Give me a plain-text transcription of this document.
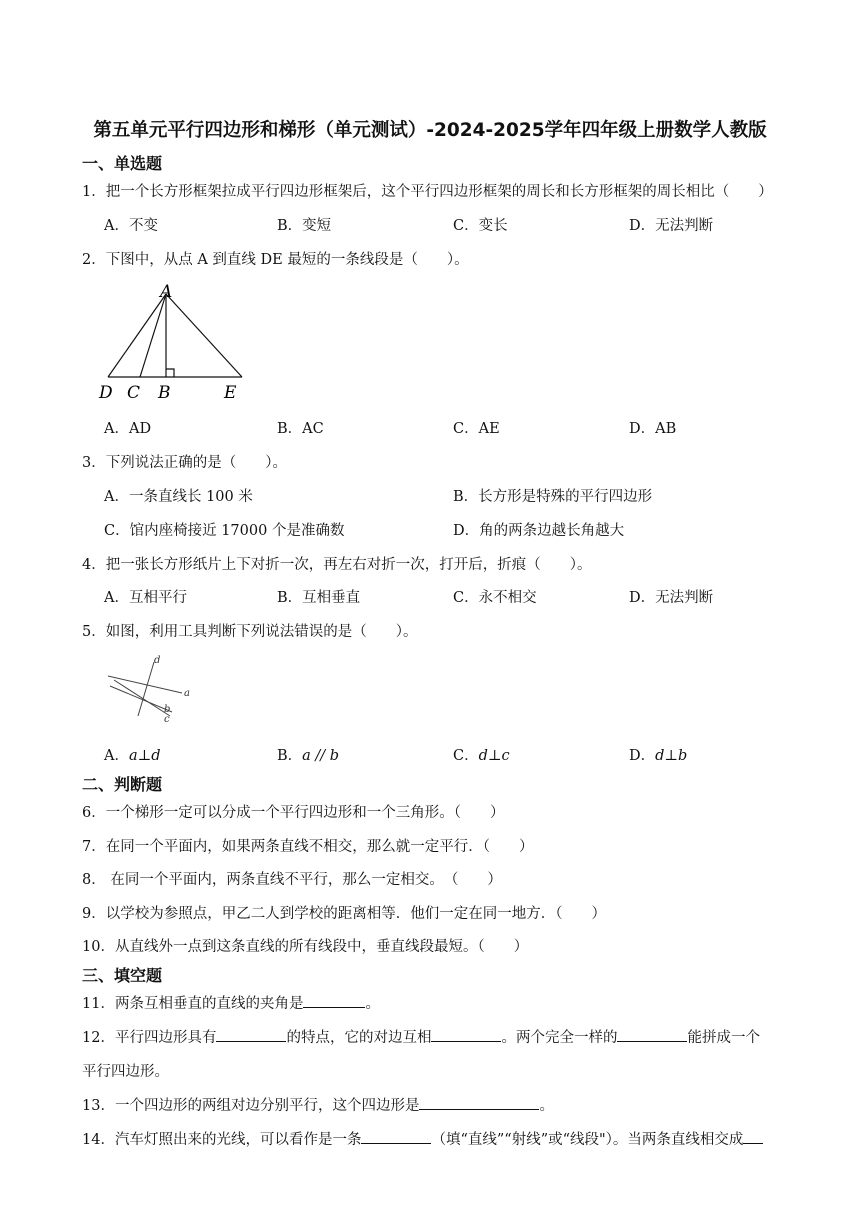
第五单元平行四边形和梯形（单元测试）-2024-2025学年四年级上册数学人教版
一、单选题
1．把一个长方形框架拉成平行四边形框架后，这个平行四边形框架的周长和长方形框架的周长相比（　　）
A．不变	B．变短	C．变长	D．无法判断
2．下图中，从点 A 到直线 DE 最短的一条线段是（　　）。
A
D C B	E
A．AD	B．AC	C．AE	D．AB
3．下列说法正确的是（　　）。
A．一条直线长 100 米	B．长方形是特殊的平行四边形
C．馆内座椅接近 17000 个是准确数	D．角的两条边越长角越大
4．把一张长方形纸片上下对折一次，再左右对折一次，打开后，折痕（　　）。
A．互相平行	B．互相垂直	C．永不相交	D．无法判断
5．如图，利用工具判断下列说法错误的是（　　）。
d
a
b
c
A．a⊥d	B．a // b	C．d⊥c	D．d⊥b
二、判断题
6．一个梯形一定可以分成一个平行四边形和一个三角形。（　　）
7．在同一个平面内，如果两条直线不相交，那么就一定平行．（　　）
8． 在同一个平面内，两条直线不平行，那么一定相交。　（　　）
9．以学校为参照点，甲乙二人到学校的距离相等．他们一定在同一地方．（　　）
10．从直线外一点到这条直线的所有线段中，垂直线段最短。（　　）
三、填空题
11．两条互相垂直的直线的夹角是	。
12．平行四边形具有	的特点，它的对边互相	。两个完全一样的	能拼成一个
平行四边形。
13．一个四边形的两组对边分别平行，这个四边形是	。
14．汽车灯照出来的光线，可以看作是一条	（填“直线”“射线”或“线段"）。当两条直线相交成
